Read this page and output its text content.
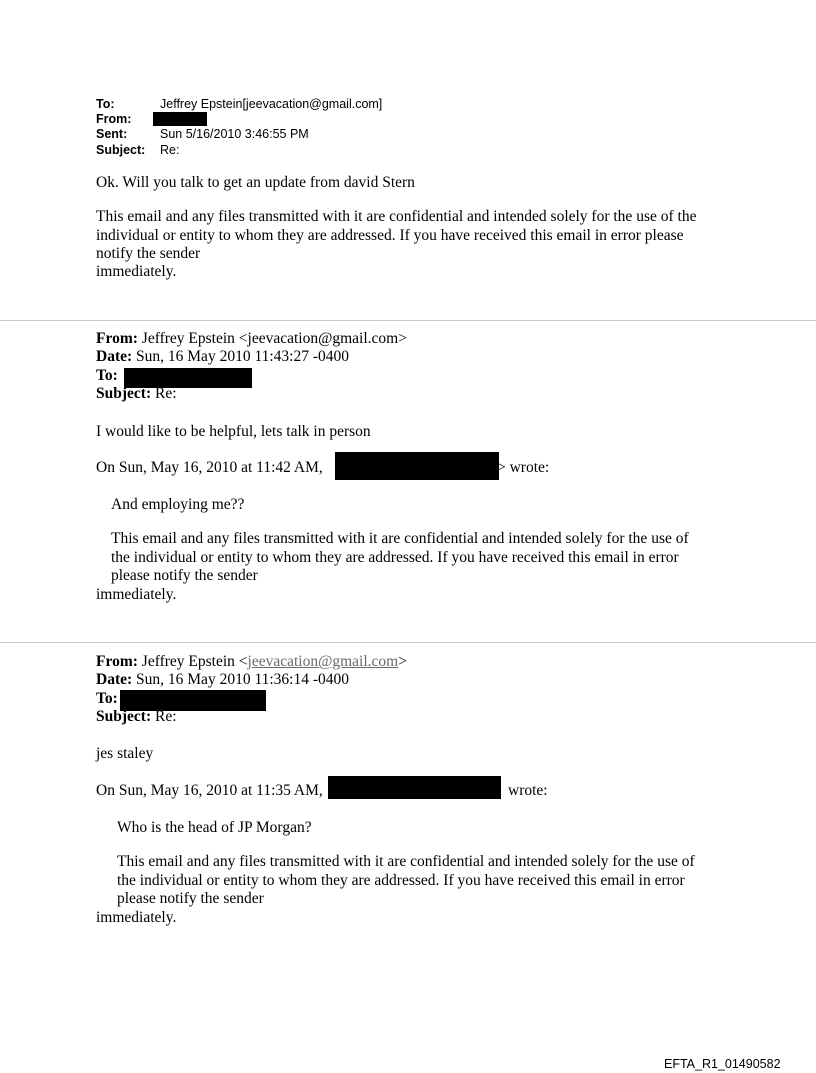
To:	Jeffrey Epstein[jeevacation@gmail.com]
From:
Sent:	Sun 5/16/2010 3:46:55 PM
Subject: Re:
Ok. Will you talk to get an update from david Stern
This email and any files transmitted with it are confidential and intended solely for the use of the
individual or entity to whom they are addressed. If you have received this email in error please
notify the sender
immediately.
From: Jeffrey Epstein <jeevacation@gmail.com>
Date: Sun, 16 May 2010 11:43:27 -0400
To:
Subject: Re:
I would like to be helpful, lets talk in person
On Sun, May 16, 2010 at 11:42 AM,	> wrote:
And employing me??
This email and any files transmitted with it are confidential and intended solely for the use of
the individual or entity to whom they are addressed. If you have received this email in error
please notify the sender
immediately.
From: Jeffrey Epstein <jeevacation@gmail.com>
Date: Sun, 16 May 2010 11:36:14 -0400
To:
Subject: Re:
jes staley
On Sun, May 16, 2010 at 11:35 AM,	wrote:
Who is the head of JP Morgan?
This email and any files transmitted with it are confidential and intended solely for the use of
the individual or entity to whom they are addressed. If you have received this email in error
please notify the sender
immediately.
EFTA_R1_01490582
